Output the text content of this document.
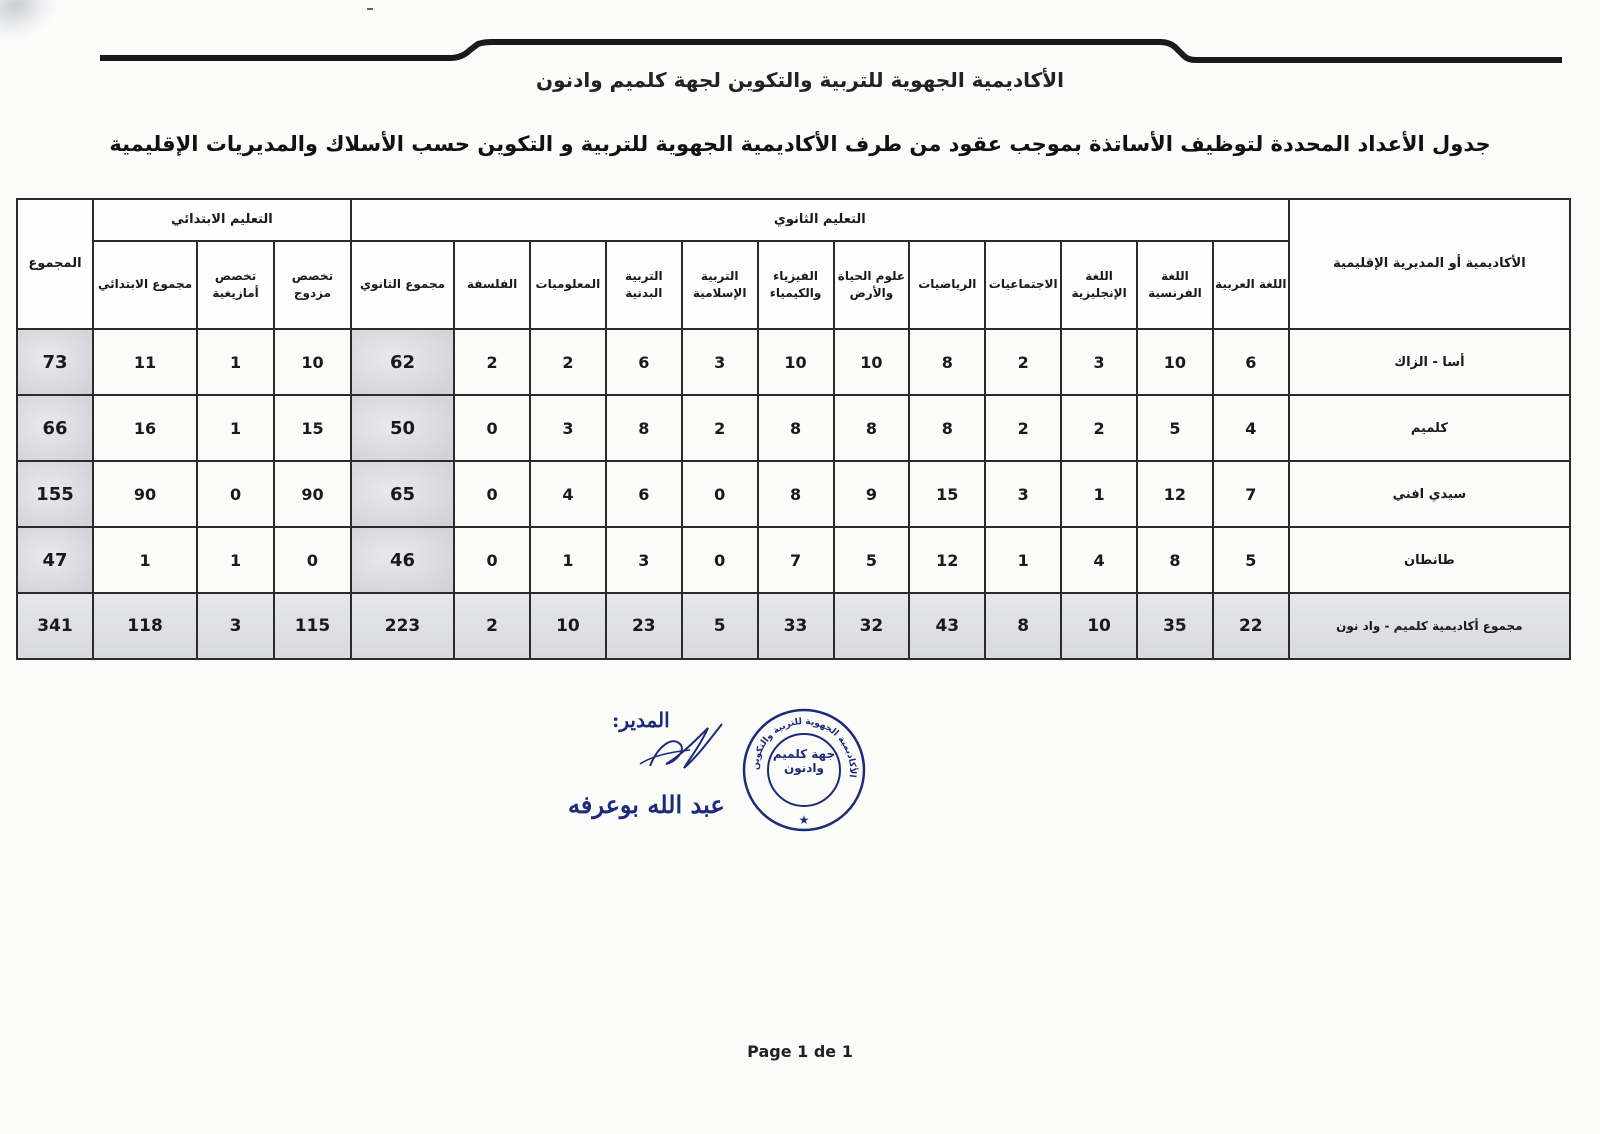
الأكاديمية الجهوية للتربية والتكوين لجهة كلميم وادنون
جدول الأعداد المحددة لتوظيف الأساتذة بموجب عقود من طرف الأكاديمية الجهوية للتربية و التكوين حسب الأسلاك والمديريات الإقليمية
الأكاديمية أو المديرية الإقليمية	التعليم الثانوي												التعليم الابتدائي			المجموع
	اللغة العربية	اللغة الفرنسية	اللغة الإنجليزية	الاجتماعيات	الرياضيات	علوم الحياة والأرض	الفيزياء والكيمياء	التربية الإسلامية	التربية البدنية	المعلوميات	الفلسفة	مجموع الثانوي	تخصص مزدوج	تخصص أمازيغية	مجموع الابتدائي	
أسا - الزاك	6	10	3	2	8	10	10	3	6	2	2	62	10	1	11	73
كلميم	4	5	2	2	8	8	8	2	8	3	0	50	15	1	16	66
سيدي افني	7	12	1	3	15	9	8	0	6	4	0	65	90	0	90	155
طانطان	5	8	4	1	12	5	7	0	3	1	0	46	0	1	1	47
مجموع أكاديمية كلميم - واد نون	22	35	10	8	43	32	33	5	23	10	2	223	115	3	118	341
المدير:
عبد الله بوعرفه
الأكاديمية الجهوية للتربية والتكوين
جهة كلميم وادنون
★
Page 1 de 1
